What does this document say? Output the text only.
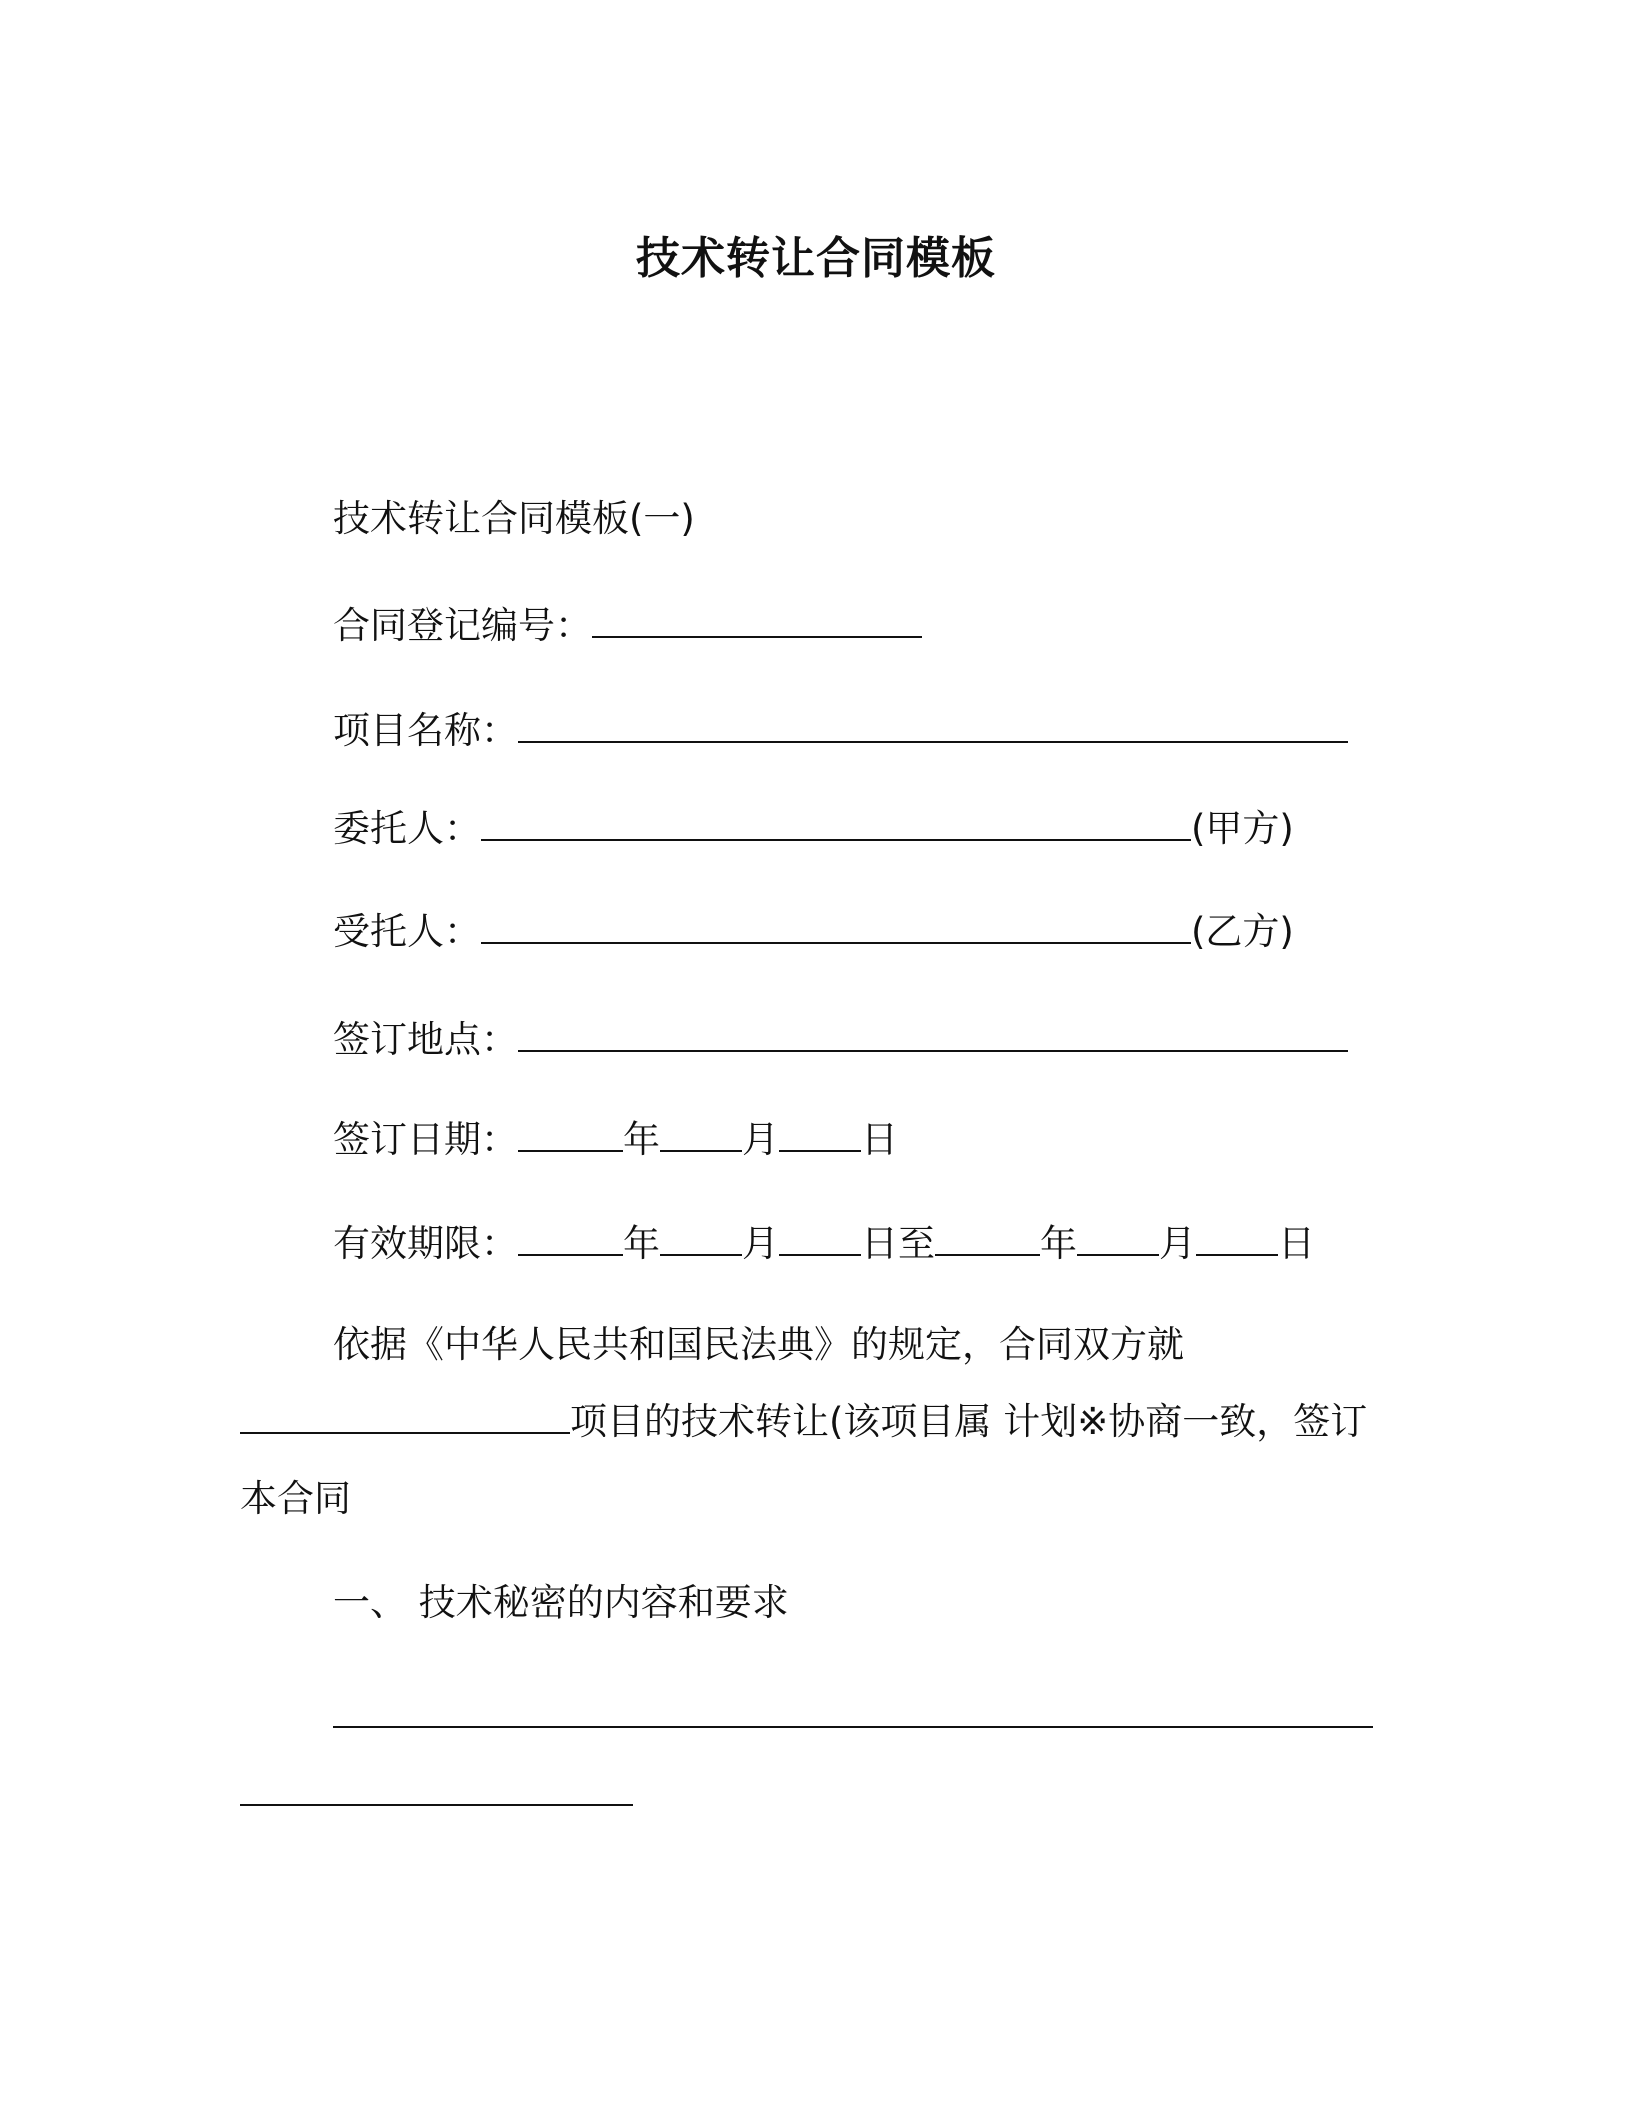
技术转让合同模板
技术转让合同模板(一)
合同登记编号：
项目名称：
委托人：	(甲方)
受托人：	(乙方)
签订地点：
签订日期：	年 月 日
有效期限：	年 月 日至	年 月 日
依据《中华人民共和国民法典》的规定，合同双方就
项目的技术转让(该项目属 计划※协商一致，签订
本合同
一、 技术秘密的内容和要求
